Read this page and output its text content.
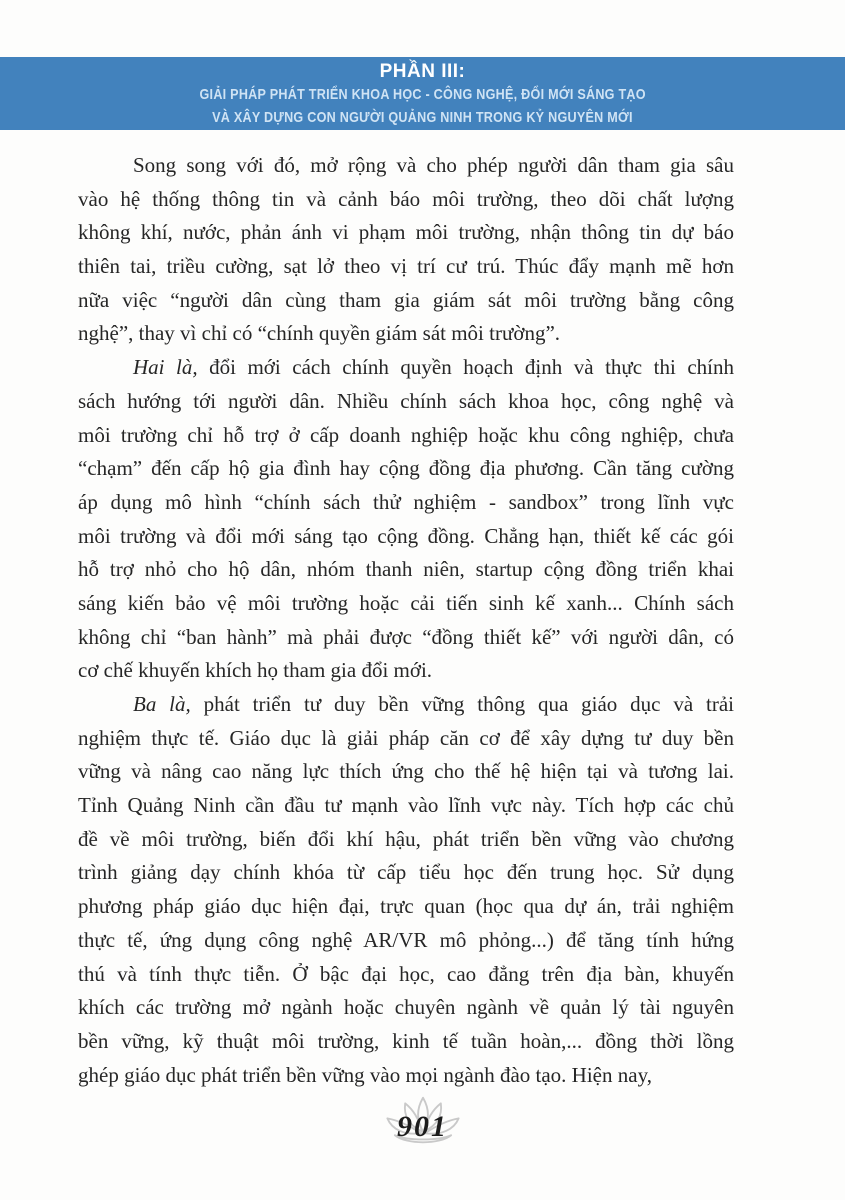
PHẦN III:
GIẢI PHÁP PHÁT TRIỂN KHOA HỌC - CÔNG NGHỆ, ĐỔI MỚI SÁNG TẠO
VÀ XÂY DỰNG CON NGƯỜI QUẢNG NINH TRONG KỶ NGUYÊN MỚI
Song song với đó, mở rộng và cho phép người dân tham gia sâu
vào hệ thống thông tin và cảnh báo môi trường, theo dõi chất lượng
không khí, nước, phản ánh vi phạm môi trường, nhận thông tin dự báo
thiên tai, triều cường, sạt lở theo vị trí cư trú. Thúc đẩy mạnh mẽ hơn
nữa việc “người dân cùng tham gia giám sát môi trường bằng công
nghệ”, thay vì chỉ có “chính quyền giám sát môi trường”.
Hai là, đổi mới cách chính quyền hoạch định và thực thi chính
sách hướng tới người dân. Nhiều chính sách khoa học, công nghệ và
môi trường chỉ hỗ trợ ở cấp doanh nghiệp hoặc khu công nghiệp, chưa
“chạm” đến cấp hộ gia đình hay cộng đồng địa phương. Cần tăng cường
áp dụng mô hình “chính sách thử nghiệm - sandbox” trong lĩnh vực
môi trường và đổi mới sáng tạo cộng đồng. Chẳng hạn, thiết kế các gói
hỗ trợ nhỏ cho hộ dân, nhóm thanh niên, startup cộng đồng triển khai
sáng kiến bảo vệ môi trường hoặc cải tiến sinh kế xanh... Chính sách
không chỉ “ban hành” mà phải được “đồng thiết kế” với người dân, có
cơ chế khuyến khích họ tham gia đổi mới.
Ba là, phát triển tư duy bền vững thông qua giáo dục và trải
nghiệm thực tế. Giáo dục là giải pháp căn cơ để xây dựng tư duy bền
vững và nâng cao năng lực thích ứng cho thế hệ hiện tại và tương lai.
Tỉnh Quảng Ninh cần đầu tư mạnh vào lĩnh vực này. Tích hợp các chủ
đề về môi trường, biến đổi khí hậu, phát triển bền vững vào chương
trình giảng dạy chính khóa từ cấp tiểu học đến trung học. Sử dụng
phương pháp giáo dục hiện đại, trực quan (học qua dự án, trải nghiệm
thực tế, ứng dụng công nghệ AR/VR mô phỏng...) để tăng tính hứng
thú và tính thực tiễn. Ở bậc đại học, cao đẳng trên địa bàn, khuyến
khích các trường mở ngành hoặc chuyên ngành về quản lý tài nguyên
bền vững, kỹ thuật môi trường, kinh tế tuần hoàn,... đồng thời lồng
ghép giáo dục phát triển bền vững vào mọi ngành đào tạo. Hiện nay,
901
